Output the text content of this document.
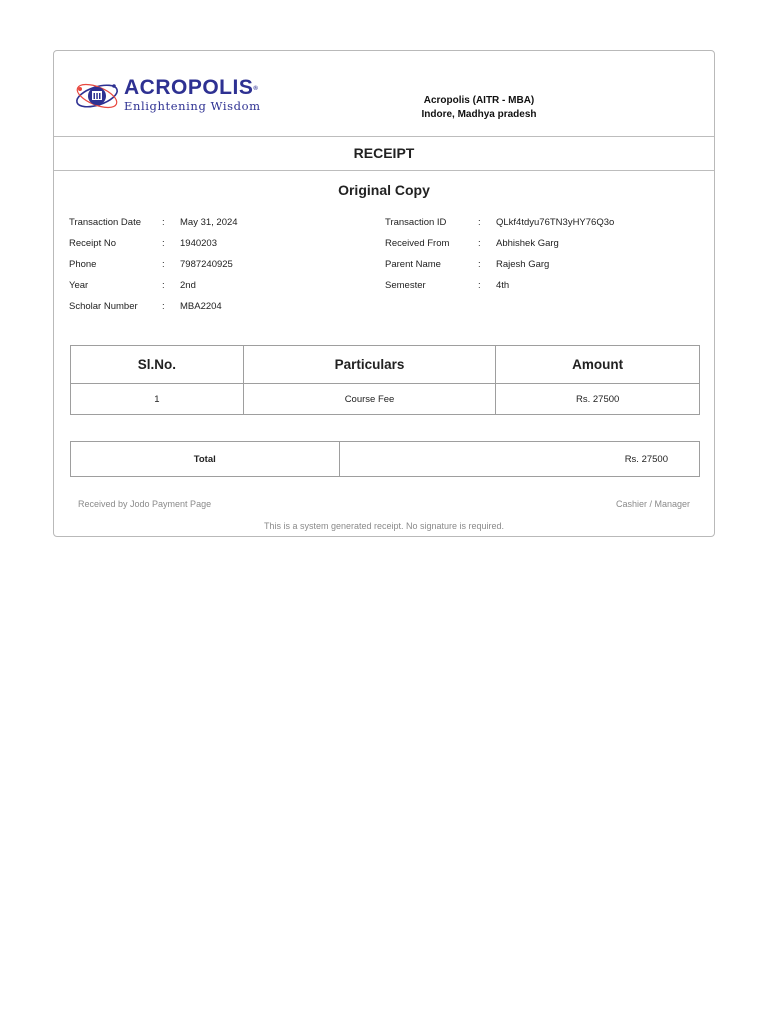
ACROPOLIS®
Enlightening Wisdom	Acropolis (AITR - MBA)
Indore, Madhya pradesh
RECEIPT
Original Copy
Transaction Date : May 31, 2024
Receipt No	: 1940203
Phone	: 7987240925
Year	: 2nd
Scholar Number	: MBA2204
Transaction ID	: QLkf4tdyu76TN3yHY76Q3o
Received From	: Abhishek Garg
Parent Name	: Rajesh Garg
Semester	: 4th
Sl.No.	Particulars	Amount
1	Course Fee	Rs. 27500
Total	Rs. 27500
Received by Jodo Payment Page	Cashier / Manager
This is a system generated receipt. No signature is required.
